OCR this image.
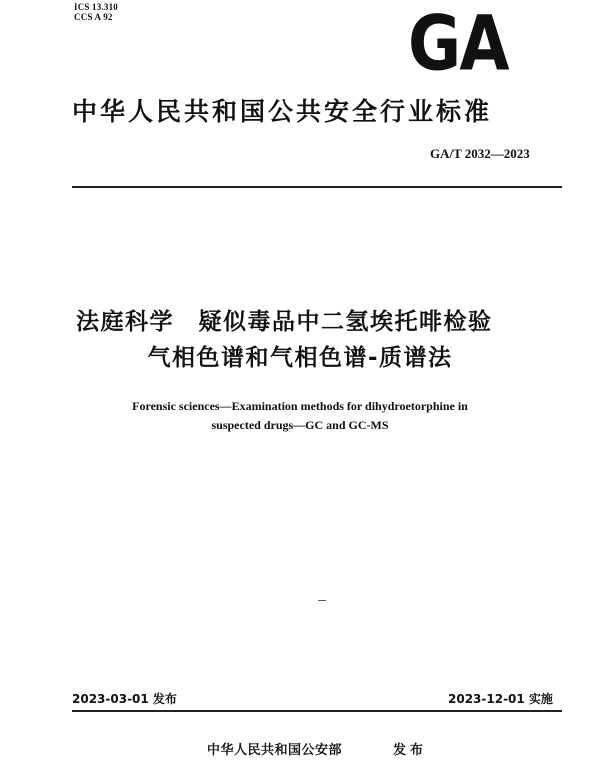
ICS 13.310
CCS A 92	GA
中华人民共和国公共安全行业标准
GA/T 2032—2023
法庭科学　疑似毒品中二氢埃托啡检验
气相色谱和气相色谱-质谱法
Forensic sciences—Examination methods for dihydroetorphine in
suspected drugs—GC and GC-MS
2023-03-01 发布	2023-12-01 实施
中华人民共和国公安部	发布
